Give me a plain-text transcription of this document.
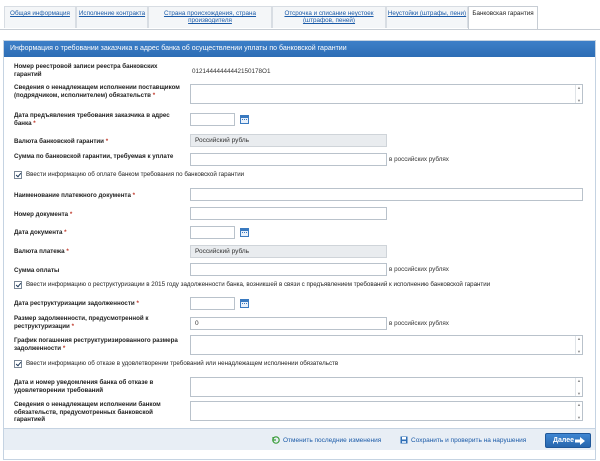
Общая информация	Исполнение контракта	Страна происхождения, страна производителя
Отсрочка и списание неустоек (штрафов, пеней)
Неустойки (штрафы, пени) Банковская гарантия
Информация о требовании заказчика в адрес банка об осуществлении уплаты по банковской гарантии
Номер реестровой записи реестра банковских гарантий	01214444444442150178О1
Сведения о ненадлежащем исполнении поставщиком (подрядчиком, исполнителем) обязательств *
▲
▼
Дата предъявления требования заказчика в адрес банка *
Валюта банковской гарантии *	Российский рубль
Сумма по банковской гарантии, требуемая к уплате	в российских рублях
Ввести информацию об оплате банком требования по банковской гарантии
Наименование платежного документа *
Номер документа *
Дата документа *
Валюта платежа *	Российский рубль
Сумма оплаты	в российских рублях
Ввести информацию о реструктуризации в 2015 году задолженности банка, возникшей в связи с предъявлением требований к исполнению банковской гарантии
Дата реструктуризации задолженности *
Размер задолженности, предусмотренной к реструктуризации *	0	в российских рублях
График погашения реструктуризированного размера задолженности *
▲
▼
Ввести информацию об отказе в удовлетворении требований или ненадлежащем исполнении обязательств
Дата и номер уведомления банка об отказе в удовлетворении требований
▲
▼
Сведения о ненадлежащем исполнении банком обязательств, предусмотренных банковской гарантией
▲
▼
Отменить последние изменения	Сохранить и проверить на нарушения	Далее
